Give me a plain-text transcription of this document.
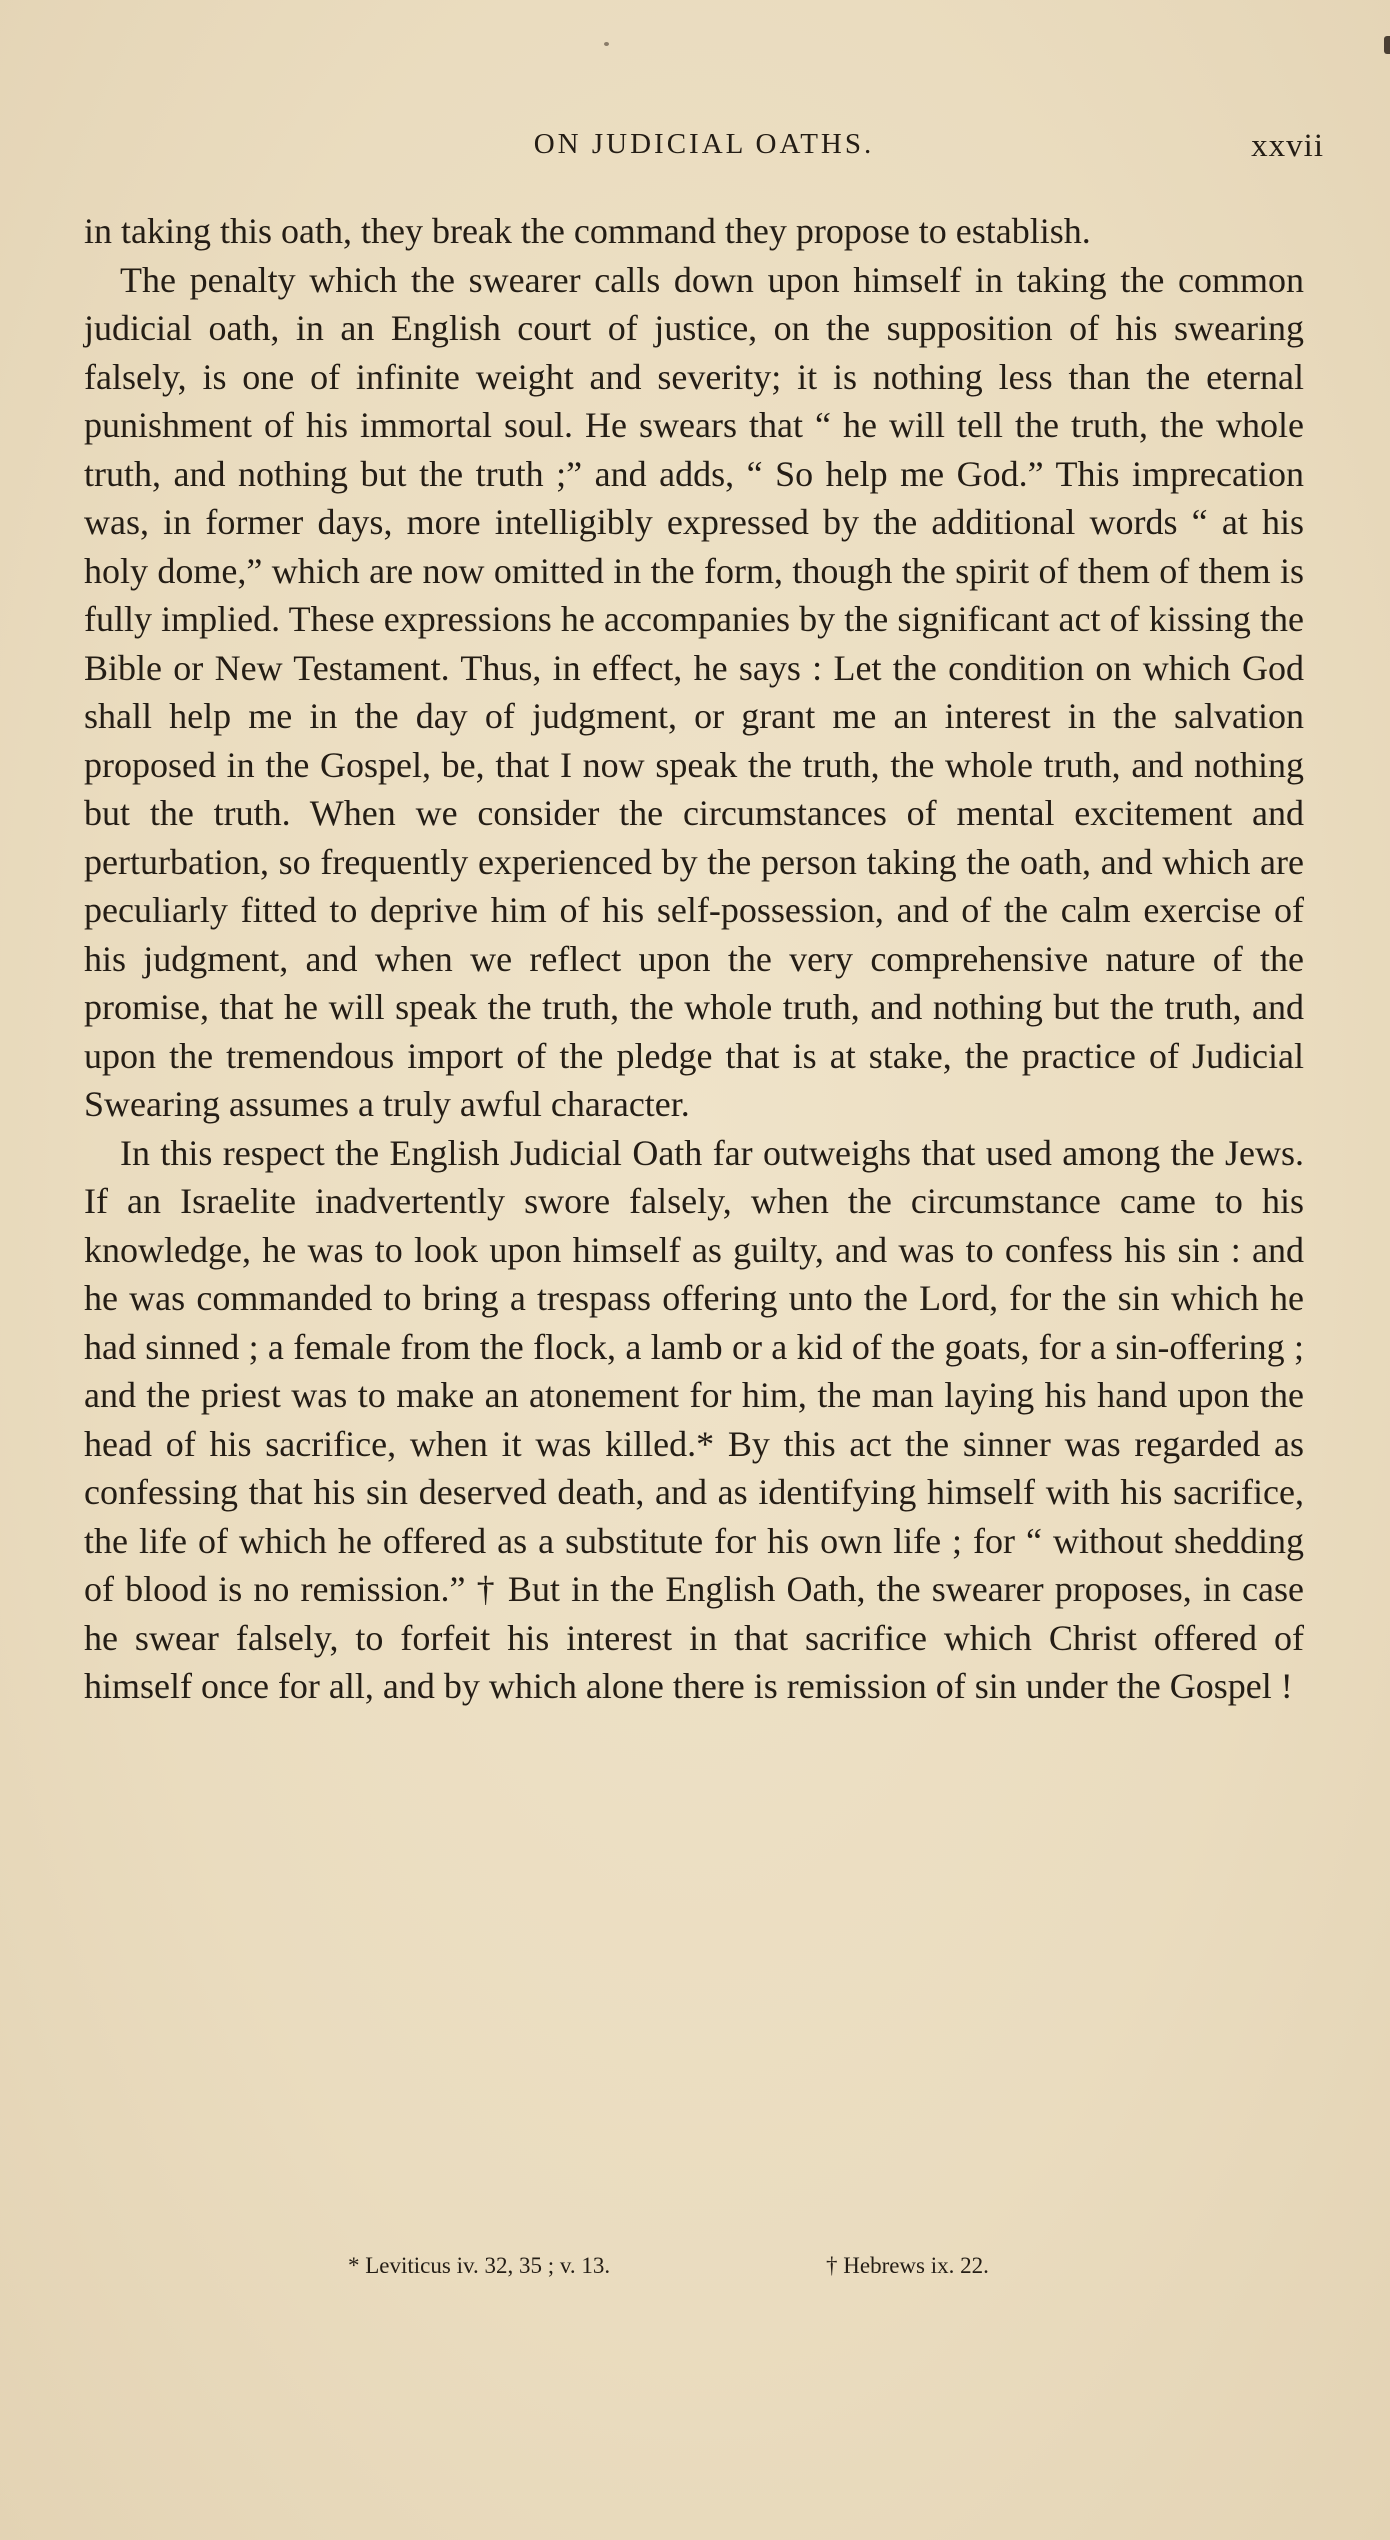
ON JUDICIAL OATHS.	xxvii

in taking this oath, they break the command they propose to establish.

The penalty which the swearer calls down upon himself in taking the common judicial oath, in an English court of justice, on the supposition of his swearing falsely, is one of infinite weight and severity; it is nothing less than the eternal punishment of his immortal soul. He swears that “ he will tell the truth, the whole truth, and nothing but the truth ;” and adds, “ So help me God.” This imprecation was, in former days, more intelligibly expressed by the additional words “ at his holy dome,” which are now omitted in the form, though the spirit of them of them is fully implied. These expressions he accompanies by the significant act of kissing the Bible or New Testament. Thus, in effect, he says : Let the condition on which God shall help me in the day of judgment, or grant me an interest in the salvation proposed in the Gospel, be, that I now speak the truth, the whole truth, and nothing but the truth. When we consider the circumstances of mental excitement and perturbation, so frequently experienced by the person taking the oath, and which are peculiarly fitted to deprive him of his self-possession, and of the calm exercise of his judgment, and when we reflect upon the very comprehensive nature of the promise, that he will speak the truth, the whole truth, and nothing but the truth, and upon the tremendous import of the pledge that is at stake, the practice of Judicial Swearing assumes a truly awful character.

In this respect the English Judicial Oath far outweighs that used among the Jews. If an Israelite inadvertently swore falsely, when the circumstance came to his knowledge, he was to look upon himself as guilty, and was to confess his sin : and he was commanded to bring a trespass offering unto the Lord, for the sin which he had sinned ; a female from the flock, a lamb or a kid of the goats, for a sin-offering ; and the priest was to make an atonement for him, the man laying his hand upon the head of his sacrifice, when it was killed.* By this act the sinner was regarded as confessing that his sin deserved death, and as identifying himself with his sacrifice, the life of which he offered as a substitute for his own life ; for “ without shedding of blood is no remission.” † But in the English Oath, the swearer proposes, in case he swear falsely, to forfeit his interest in that sacrifice which Christ offered of himself once for all, and by which alone there is remission of sin under the Gospel !

* Leviticus iv. 32, 35 ; v. 13.	† Hebrews ix. 22.
